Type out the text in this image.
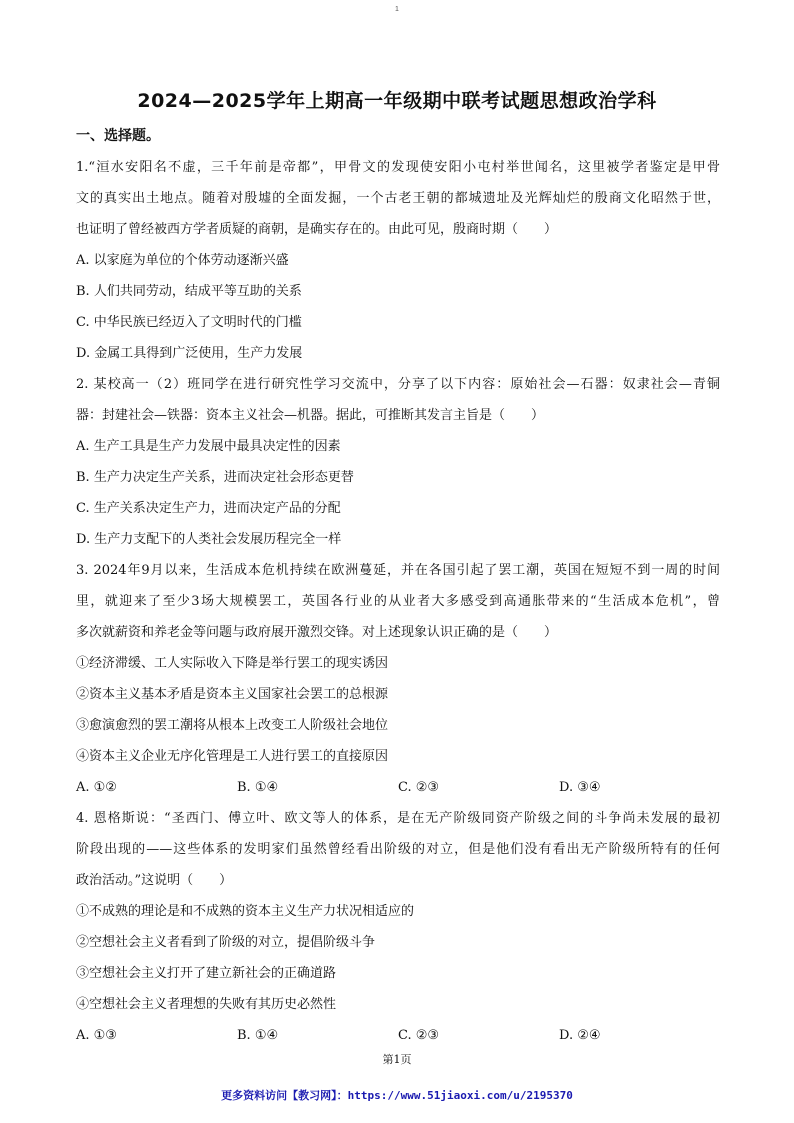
1
2024—2025学年上期高一年级期中联考试题思想政治学科
一、选择题。
1.“洹水安阳名不虚，三千年前是帝都”，甲骨文的发现使安阳小屯村举世闻名，这里被学者鉴定是甲骨
文的真实出土地点。随着对殷墟的全面发掘，一个古老王朝的都城遗址及光辉灿烂的殷商文化昭然于世，
也证明了曾经被西方学者质疑的商朝，是确实存在的。由此可见，殷商时期（　　）
A. 以家庭为单位的个体劳动逐渐兴盛
B. 人们共同劳动，结成平等互助的关系
C. 中华民族已经迈入了文明时代的门槛
D. 金属工具得到广泛使用，生产力发展
2. 某校高一（2）班同学在进行研究性学习交流中，分享了以下内容：原始社会—石器：奴隶社会—青铜
器：封建社会—铁器：资本主义社会—机器。据此，可推断其发言主旨是（　　）
A. 生产工具是生产力发展中最具决定性的因素
B. 生产力决定生产关系，进而决定社会形态更替
C. 生产关系决定生产力，进而决定产品的分配
D. 生产力支配下的人类社会发展历程完全一样
3. 2024年9月以来，生活成本危机持续在欧洲蔓延，并在各国引起了罢工潮，英国在短短不到一周的时间
里，就迎来了至少3场大规模罢工，英国各行业的从业者大多感受到高通胀带来的“生活成本危机”，曾
多次就薪资和养老金等问题与政府展开激烈交锋。对上述现象认识正确的是（　　）
①经济滞缓、工人实际收入下降是举行罢工的现实诱因
②资本主义基本矛盾是资本主义国家社会罢工的总根源
③愈演愈烈的罢工潮将从根本上改变工人阶级社会地位
④资本主义企业无序化管理是工人进行罢工的直接原因
A. ①②	B. ①④	C. ②③	D. ③④
4. 恩格斯说：“圣西门、傅立叶、欧文等人的体系，是在无产阶级同资产阶级之间的斗争尚未发展的最初
阶段出现的——这些体系的发明家们虽然曾经看出阶级的对立，但是他们没有看出无产阶级所特有的任何
政治活动。”这说明（　　）
①不成熟的理论是和不成熟的资本主义生产力状况相适应的
②空想社会主义者看到了阶级的对立，提倡阶级斗争
③空想社会主义打开了建立新社会的正确道路
④空想社会主义者理想的失败有其历史必然性
A. ①③	B. ①④	C. ②③	D. ②④
第1页
更多资料访问【教习网】：https://www.51jiaoxi.com/u/2195370
